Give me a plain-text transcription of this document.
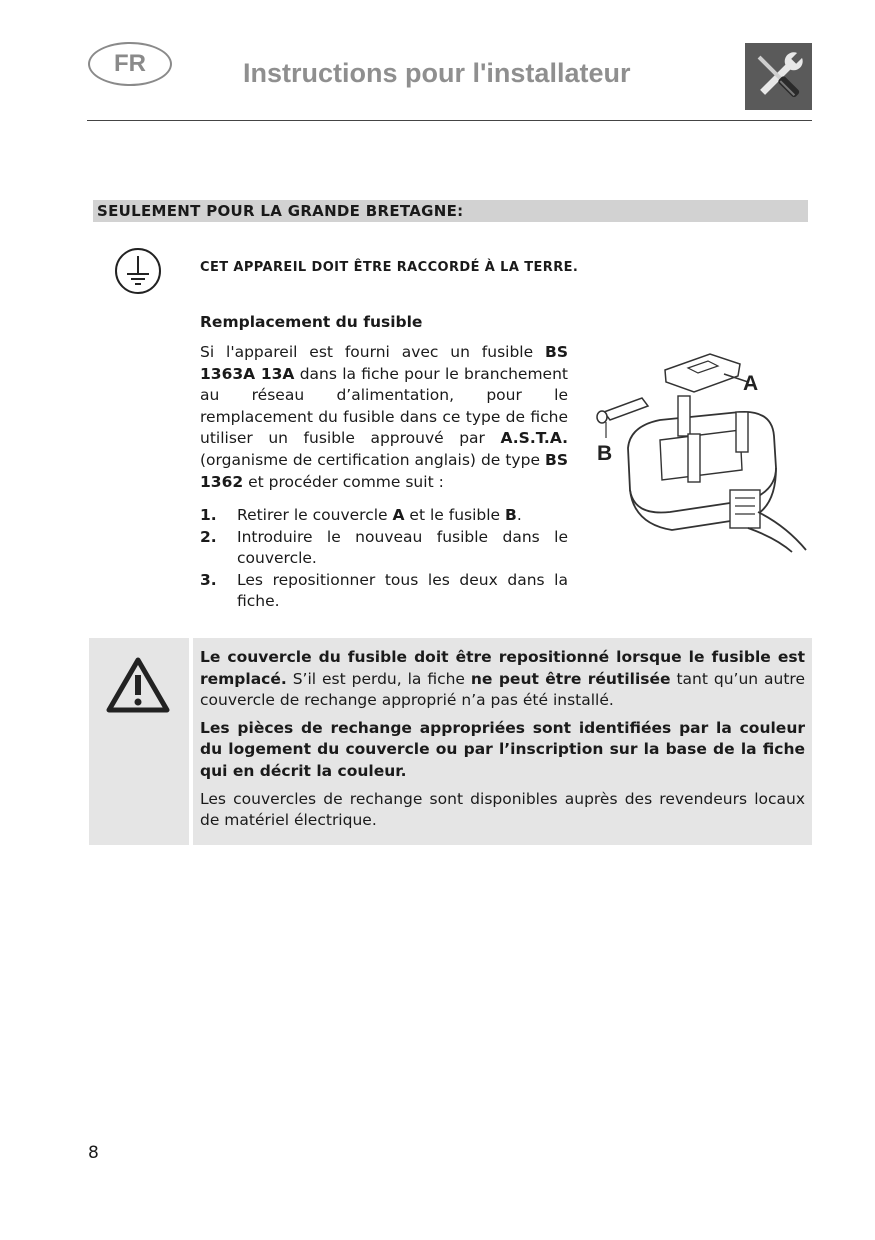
FR	Instructions pour l'installateur
SEULEMENT POUR LA GRANDE BRETAGNE:
CET APPAREIL DOIT ÊTRE RACCORDÉ À LA TERRE.
Remplacement du fusible
Si l'appareil est fourni avec un fusible BS 1363A 13A dans la fiche pour le branchement au réseau d’alimentation, pour le remplacement du fusible dans ce type de fiche utiliser un fusible approuvé par A.S.T.A. (organisme de certification anglais) de type BS 1362 et procéder comme suit :
1. Retirer le couvercle A et le fusible B.
2. Introduire le nouveau fusible dans le couvercle.
3. Les repositionner tous les deux dans la fiche.
A
B

Le couvercle du fusible doit être repositionné lorsque le fusible est remplacé. S’il est perdu, la fiche ne peut être réutilisée tant qu’un autre couvercle de rechange approprié n’a pas été installé.

Les pièces de rechange appropriées sont identifiées par la couleur du logement du couvercle ou par l’inscription sur la base de la fiche qui en décrit la couleur.

Les couvercles de rechange sont disponibles auprès des revendeurs locaux de matériel électrique.

8
